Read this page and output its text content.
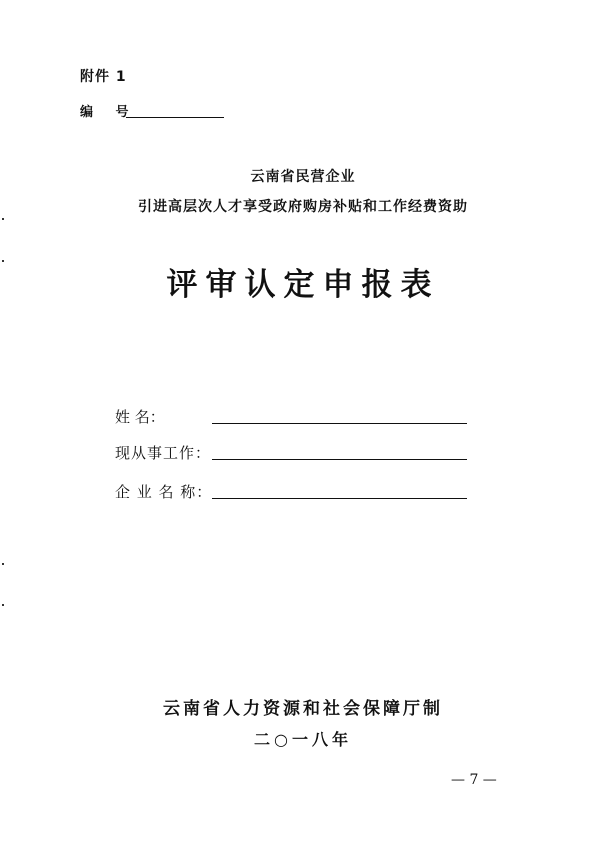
附件 1
编 号
云南省民营企业
引进高层次人才享受政府购房补贴和工作经费资助
评审认定申报表
姓 名：
现从事工作：
企 业 名 称：
云南省人力资源和社会保障厅制
二○一八年
— 7 —
